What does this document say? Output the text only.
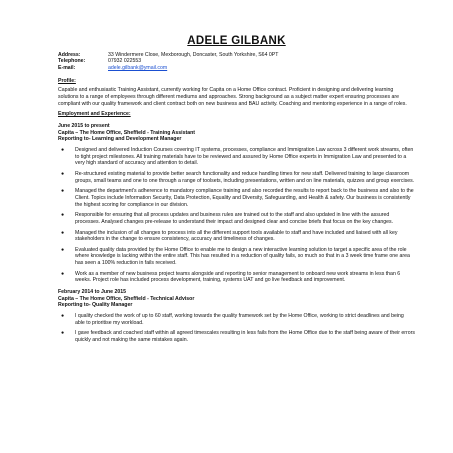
ADELE GILBANK
Address:	33 Windermere Close, Mexborough, Doncaster, South Yorkshire, S64 0PT
Telephone:	07932 022553
E-mail:	adele.gilbank@ymail.com
Profile:
Capable and enthusiastic Training Assistant, currently working for Capita on a Home Office contract. Proficient in designing and delivering learning solutions to a range of employees through different mediums and approaches. Strong background as a subject matter expert ensuring processes are compliant with our quality framework and client contract both on new business and BAU activity. Coaching and mentoring experience in a range of roles.
Employment and Experience:
June 2015 to present
Capita – The Home Office, Sheffield - Training Assistant
Reporting to- Learning and Development Manager
● Designed and delivered Induction Courses covering IT systems, processes, compliance and Immigration Law across 3 different work streams, often to tight project milestones. All training materials have to be reviewed and assured by Home Office experts in Immigration Law and presented to a very high standard of accuracy and attention to detail.
● Re-structured existing material to provide better search functionality and reduce handling times for new staff. Delivered training to large classroom groups, small teams and one to one through a range of toolsets, including presentations, written and on line materials, quizzes and group exercises.
● Managed the department's adherence to mandatory compliance training and also recorded the results to report back to the business and also to the Client. Topics include Information Security, Data Protection, Equality and Diversity, Safeguarding, and Health & safety. Our business is consistently the highest scoring for compliance in our division.
● Responsible for ensuring that all process updates and business rules are trained out to the staff and also updated in line with the assured processes. Analysed changes pre-release to understand their impact and designed clear and concise briefs that focus on the key changes.
● Managed the inclusion of all changes to process into all the different support tools available to staff and have included and liaised with all key stakeholders in the change to ensure consistency, accuracy and timeliness of changes.
● Evaluated quality data provided by the Home Office to enable me to design a new interactive learning solution to target a specific area of the role where knowledge is lacking within the entire staff. This has resulted in a reduction of quality fails, so much so that in a 3 week time frame one area has seen a 100% reduction in fails received.
● Work as a member of new business project teams alongside and reporting to senior management to onboard new work streams in less than 6 weeks. Project role has included process development, training, systems UAT and go live feedback and improvement.
February 2014 to June 2015
Capita – The Home Office, Sheffield - Technical Advisor
Reporting to- Quality Manager
● I quality checked the work of up to 60 staff, working towards the quality framework set by the Home Office, working to strict deadlines and being able to prioritise my workload.
● I gave feedback and coached staff within all agreed timescales resulting in less fails from the Home Office due to the staff being aware of their errors quickly and not making the same mistakes again.
